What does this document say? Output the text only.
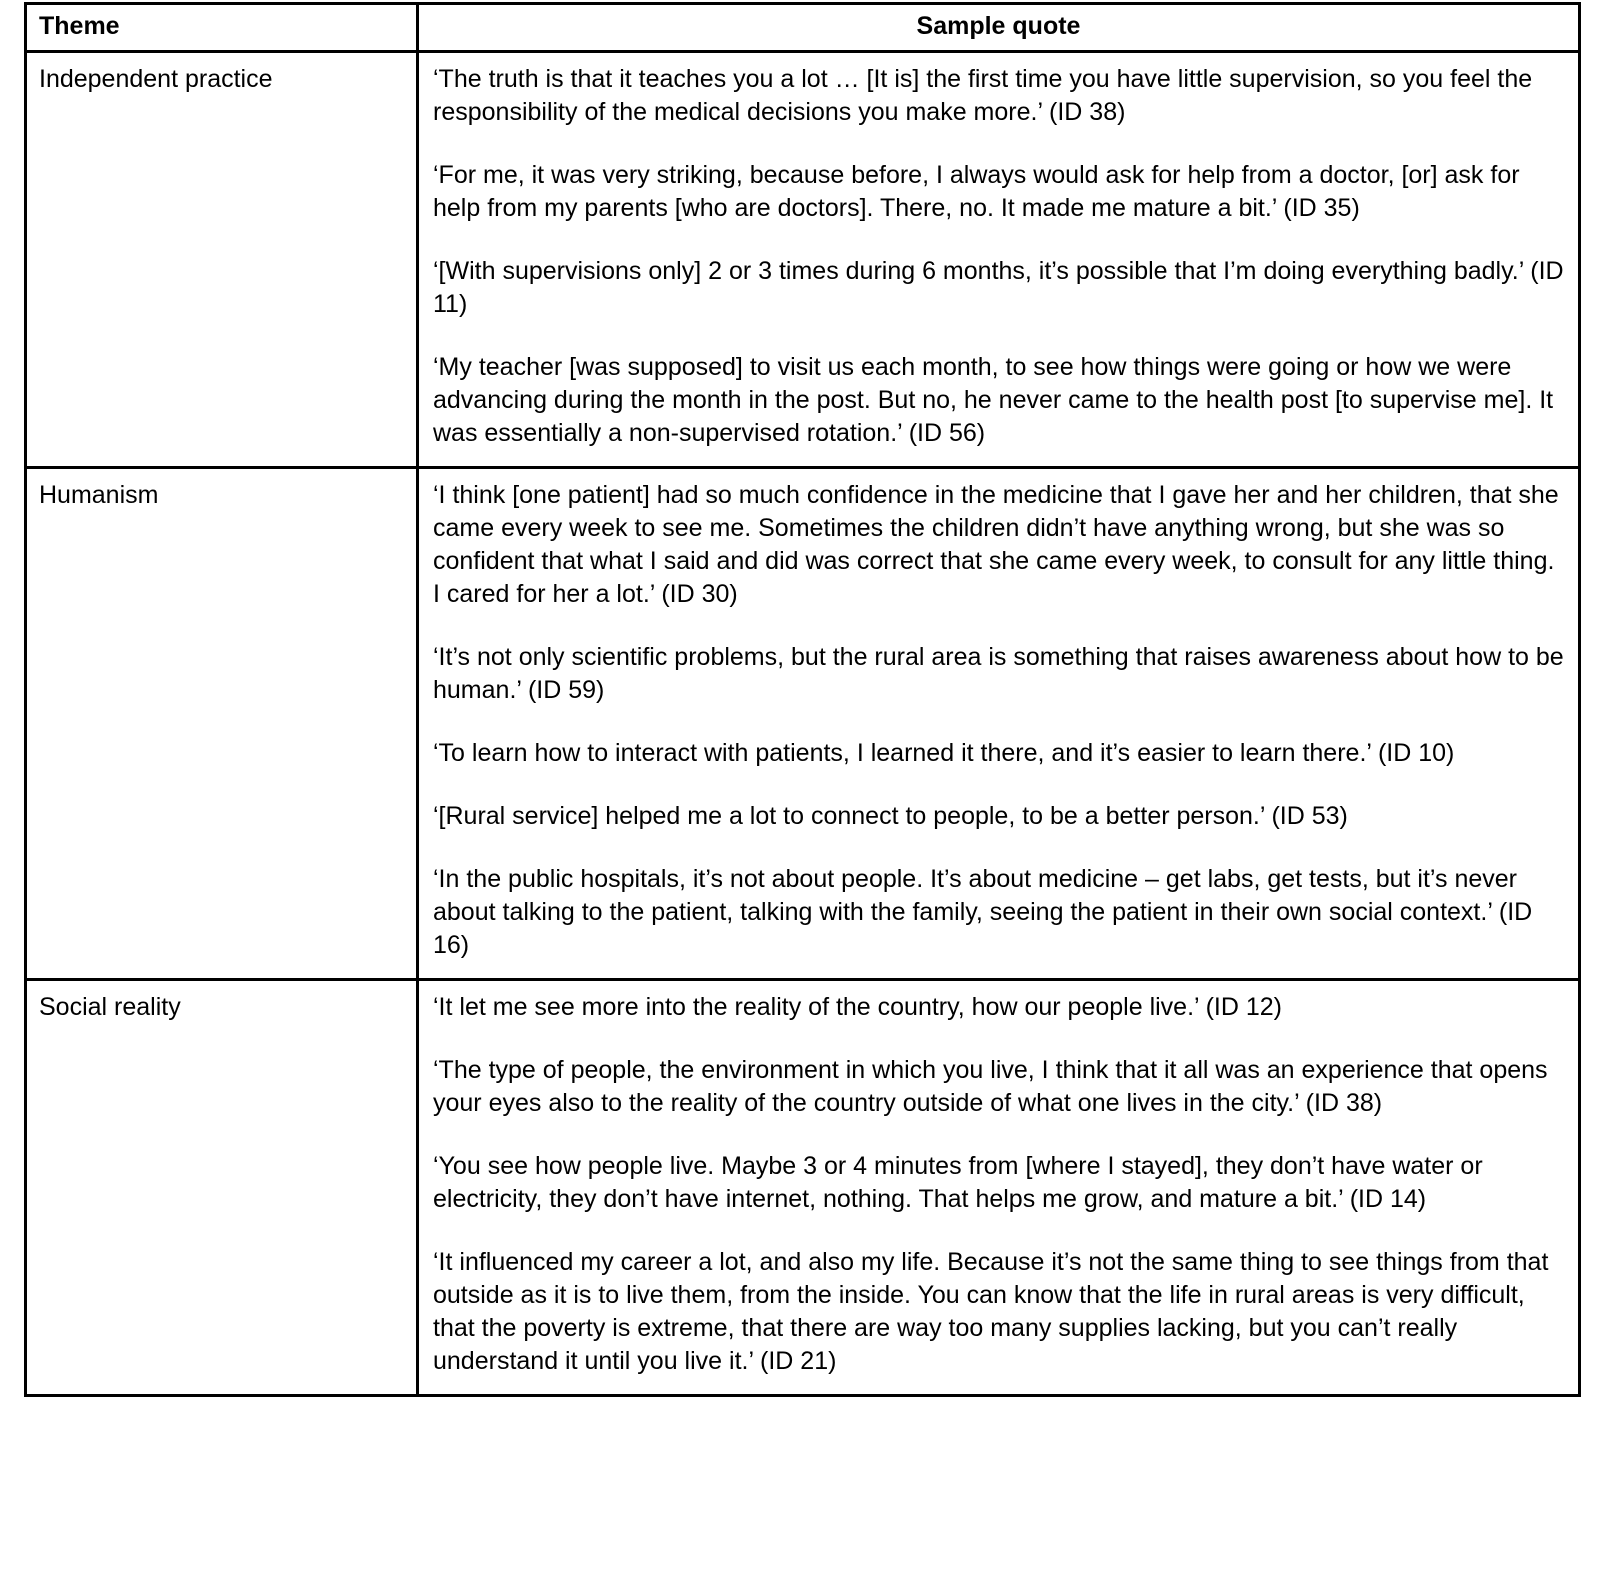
Theme	Sample quote
Independent practice	‘The truth is that it teaches you a lot … [It is] the first time you have little supervision, so you feel the responsibility of the medical decisions you make more.’ (ID 38)

‘For me, it was very striking, because before, I always would ask for help from a doctor, [or] ask for help from my parents [who are doctors]. There, no. It made me mature a bit.’ (ID 35)

‘[With supervisions only] 2 or 3 times during 6 months, it’s possible that I’m doing everything badly.’ (ID 11)

‘My teacher [was supposed] to visit us each month, to see how things were going or how we were advancing during the month in the post. But no, he never came to the health post [to supervise me]. It was essentially a non-supervised rotation.’ (ID 56)

Humanism	‘I think [one patient] had so much confidence in the medicine that I gave her and her children, that she came every week to see me. Sometimes the children didn’t have anything wrong, but she was so confident that what I said and did was correct that she came every week, to consult for any little thing. I cared for her a lot.’ (ID 30)

‘It’s not only scientific problems, but the rural area is something that raises awareness about how to be human.’ (ID 59)

‘To learn how to interact with patients, I learned it there, and it’s easier to learn there.’ (ID 10)

‘[Rural service] helped me a lot to connect to people, to be a better person.’ (ID 53)

‘In the public hospitals, it’s not about people. It’s about medicine – get labs, get tests, but it’s never about talking to the patient, talking with the family, seeing the patient in their own social context.’ (ID 16)

Social reality	‘It let me see more into the reality of the country, how our people live.’ (ID 12)

‘The type of people, the environment in which you live, I think that it all was an experience that opens your eyes also to the reality of the country outside of what one lives in the city.’ (ID 38)

‘You see how people live. Maybe 3 or 4 minutes from [where I stayed], they don’t have water or electricity, they don’t have internet, nothing. That helps me grow, and mature a bit.’ (ID 14)

‘It influenced my career a lot, and also my life. Because it’s not the same thing to see things from that outside as it is to live them, from the inside. You can know that the life in rural areas is very difficult, that the poverty is extreme, that there are way too many supplies lacking, but you can’t really understand it until you live it.’ (ID 21)
